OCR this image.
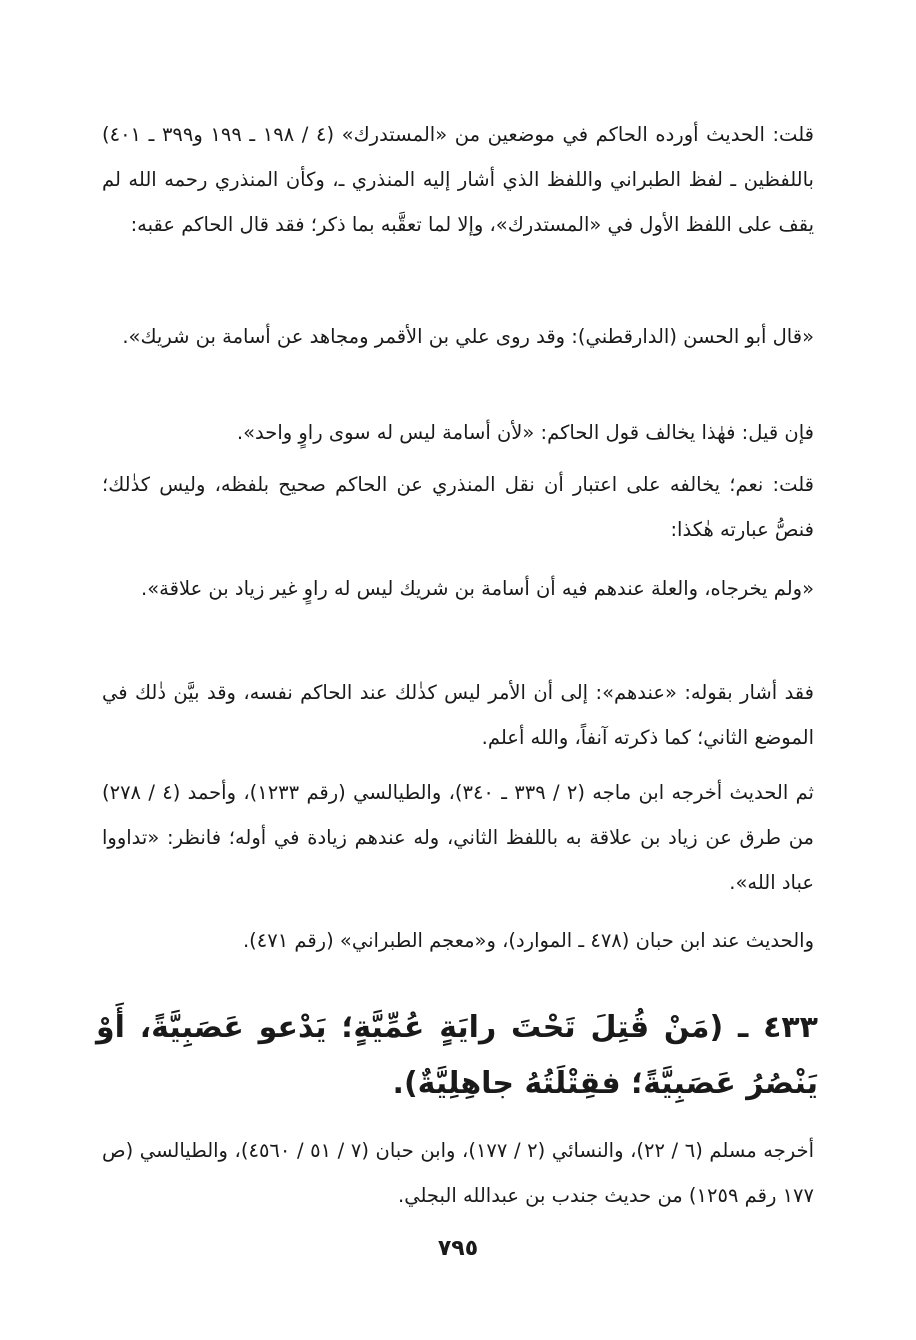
قلت: الحديث أورده الحاكم في موضعين من «المستدرك» (٤ / ١٩٨ ـ ١٩٩ و٣٩٩ ـ ٤٠١) باللفظين ـ لفظ الطبراني واللفظ الذي أشار إليه المنذري ـ، وكأن المنذري رحمه الله لم يقف على اللفظ الأول في «المستدرك»، وإلا لما تعقَّبه بما ذكر؛ فقد قال الحاكم عقبه:

«قال أبو الحسن (الدارقطني): وقد روى علي بن الأقمر ومجاهد عن أسامة بن شريك».

فإن قيل: فهٰذا يخالف قول الحاكم: «لأن أسامة ليس له سوى راوٍ واحد».

قلت: نعم؛ يخالفه على اعتبار أن نقل المنذري عن الحاكم صحيح بلفظه، وليس كذٰلك؛ فنصُّ عبارته هٰكذا:

«ولم يخرجاه، والعلة عندهم فيه أن أسامة بن شريك ليس له راوٍ غير زياد بن علاقة».

فقد أشار بقوله: «عندهم»: إلى أن الأمر ليس كذٰلك عند الحاكم نفسه، وقد بيَّن ذٰلك في الموضع الثاني؛ كما ذكرته آنفاً، والله أعلم.

ثم الحديث أخرجه ابن ماجه (٢ / ٣٣٩ ـ ٣٤٠)، والطيالسي (رقم ١٢٣٣)، وأحمد (٤ / ٢٧٨) من طرق عن زياد بن علاقة به باللفظ الثاني، وله عندهم زيادة في أوله؛ فانظر: «تداووا عباد الله».

والحديث عند ابن حبان (٤٧٨ ـ الموارد)، و«معجم الطبراني» (رقم ٤٧١).

٤٣٣ ـ (مَنْ قُتِلَ تَحْتَ رايَةٍ عُمِّيَّةٍ؛ يَدْعو عَصَبِيَّةً، أَوْ يَنْصُرُ عَصَبِيَّةً؛ فقِتْلَتُهُ جاهِلِيَّةٌ).

أخرجه مسلم (٦ / ٢٢)، والنسائي (٢ / ١٧٧)، وابن حبان (٧ / ٥١ / ٤٥٦٠)، والطيالسي (ص ١٧٧ رقم ١٢٥٩) من حديث جندب بن عبدالله البجلي.

٧٩٥
